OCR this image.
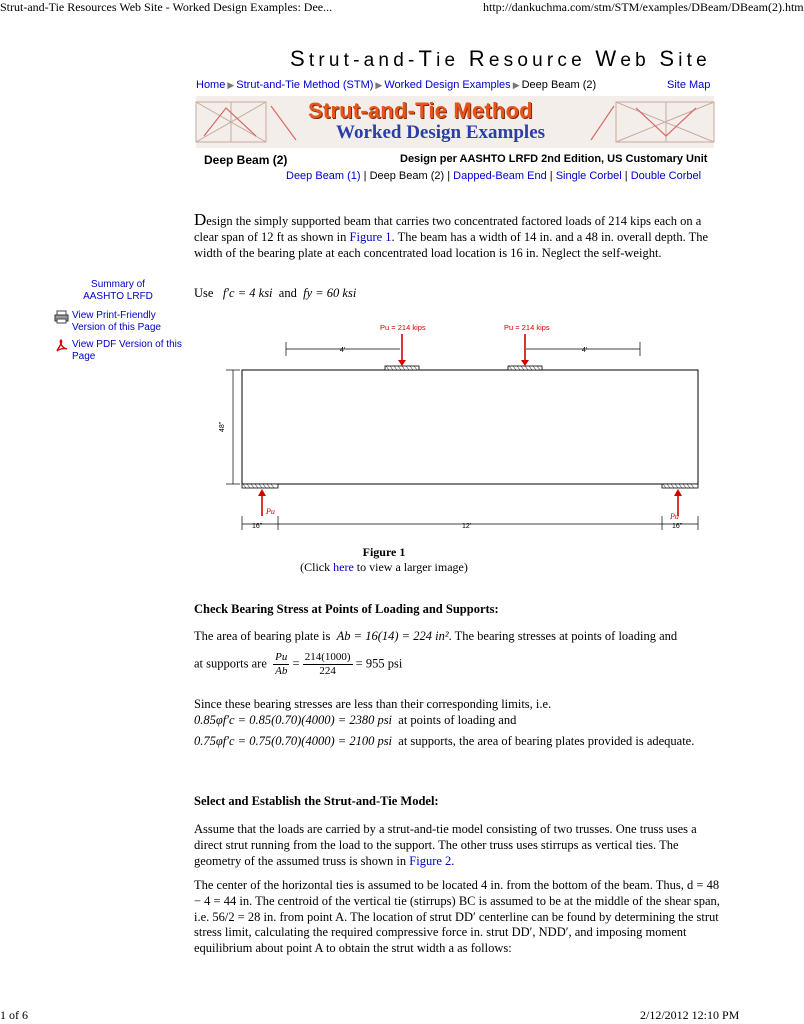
Strut-and-Tie Resources Web Site - Worked Design Examples: Dee...	http://dankuchma.com/stm/STM/examples/DBeam/DBeam(2).htm
Strut-and-Tie Resource Web Site
Home ▶ Strut-and-Tie Method (STM) ▶ Worked Design Examples ▶ Deep Beam (2)	Site Map
Strut-and-Tie Method
Worked Design Examples
Deep Beam (2)	Design per AASHTO LRFD 2nd Edition, US Customary Unit
Deep Beam (1) | Deep Beam (2) | Dapped-Beam End | Single Corbel | Double Corbel
Summary of AASHTO LRFD
View Print-Friendly Version of this Page
View PDF Version of this Page
Design the simply supported beam that carries two concentrated factored loads of 214 kips each on a clear span of 12 ft as shown in Figure 1. The beam has a width of 14 in. and a 48 in. overall depth. The width of the bearing plate at each concentrated load location is 16 in. Neglect the self-weight.
Use f′c = 4 ksi and fy = 60 ksi
Pu = 214 kips	Pu = 214 kips
Pu
Pu
4'	4'
48"
16"	12'	16"
Figure 1
(Click here to view a larger image)
Check Bearing Stress at Points of Loading and Supports:
The area of bearing plate is Ab = 16(14) = 224 in². The bearing stresses at points of loading and
at supports are $\frac{Pu}{Ab} = \frac{214(1000)}{224} = 955$ psi
Since these bearing stresses are less than their corresponding limits, i.e.
0.85φf′c = 0.85(0.70)(4000) = 2380 psi at points of loading and
0.75φf′c = 0.75(0.70)(4000) = 2100 psi at supports, the area of bearing plates provided is adequate.
Select and Establish the Strut-and-Tie Model:
Assume that the loads are carried by a strut-and-tie model consisting of two trusses. One truss uses a direct strut running from the load to the support. The other truss uses stirrups as vertical ties. The geometry of the assumed truss is shown in Figure 2.
The center of the horizontal ties is assumed to be located 4 in. from the bottom of the beam. Thus, d = 48 − 4 = 44 in. The centroid of the vertical tie (stirrups) BC is assumed to be at the middle of the shear span, i.e. 56/2 = 28 in. from point A. The location of strut DD′ centerline can be found by determining the strut stress limit, calculating the required compressive force in. strut DD′, NDD′, and imposing moment equilibrium about point A to obtain the strut width a as follows:
1 of 6	2/12/2012 12:10 PM
